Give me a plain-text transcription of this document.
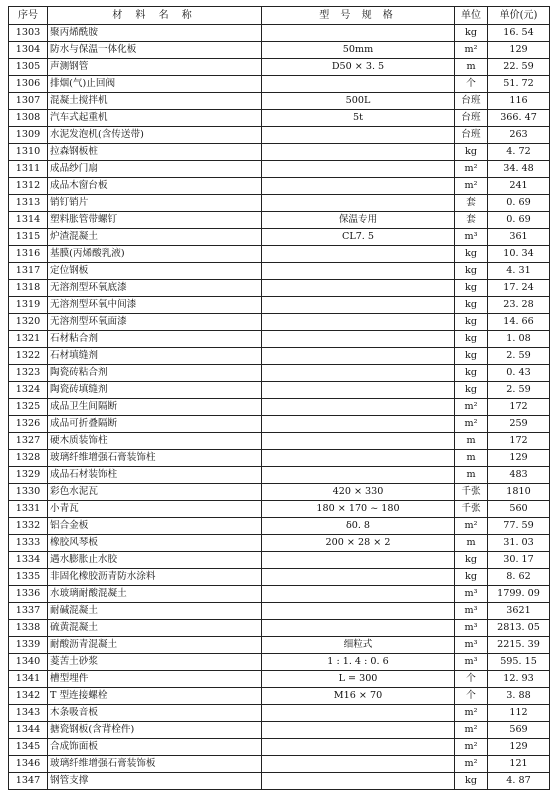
序号	材 料 名 称	型 号 规 格	单位	单价(元)
1303	聚丙烯酰胺		kg	16. 54
1304	防水与保温一体化板	50mm	m²	129
1305	声测钢管	D50 × 3. 5	m	22. 59
1306	排烟(气)止回阀		个	51. 72
1307	混凝土搅拌机	500L	台班	116
1308	汽车式起重机	5t	台班	366. 47
1309	水泥发泡机(含传送带)		台班	263
1310	拉森钢板桩		kg	4. 72
1311	成品纱门扇		m²	34. 48
1312	成品木窗台板		m²	241
1313	销钉销片		套	0. 69
1314	塑料胀管带螺钉	保温专用	套	0. 69
1315	炉渣混凝土	CL7. 5	m³	361
1316	基膜(丙烯酸乳液)		kg	10. 34
1317	定位钢板		kg	4. 31
1318	无溶剂型环氧底漆		kg	17. 24
1319	无溶剂型环氧中间漆		kg	23. 28
1320	无溶剂型环氧面漆		kg	14. 66
1321	石材粘合剂		kg	1. 08
1322	石材填缝剂		kg	2. 59
1323	陶瓷砖粘合剂		kg	0. 43
1324	陶瓷砖填缝剂		kg	2. 59
1325	成品卫生间隔断		m²	172
1326	成品可折叠隔断		m²	259
1327	硬木质装饰柱		m	172
1328	玻璃纤维增强石膏装饰柱		m	129
1329	成品石材装饰柱		m	483
1330	彩色水泥瓦	420 × 330	千张	1810
1331	小青瓦	180 × 170 ~ 180	千张	560
1332	铝合金板	δ0. 8	m²	77. 59
1333	橡胶风琴板	200 × 28 × 2	m	31. 03
1334	遇水膨胀止水胶		kg	30. 17
1335	非固化橡胶沥青防水涂料		kg	8. 62
1336	水玻璃耐酸混凝土		m³	1799. 09
1337	耐碱混凝土		m³	3621
1338	硫黄混凝土		m³	2813. 05
1339	耐酸沥青混凝土	细粒式	m³	2215. 39
1340	菱苦土砂浆	1 : 1. 4 : 0. 6	m³	595. 15
1341	槽型埋件	L = 300	个	12. 93
1342	T 型连接螺栓	M16 × 70	个	3. 88
1343	木条吸音板		m²	112
1344	搪瓷钢板(含背栓件)		m²	569
1345	合成饰面板		m²	129
1346	玻璃纤维增强石膏装饰板		m²	121
1347	钢管支撑		kg	4. 87
